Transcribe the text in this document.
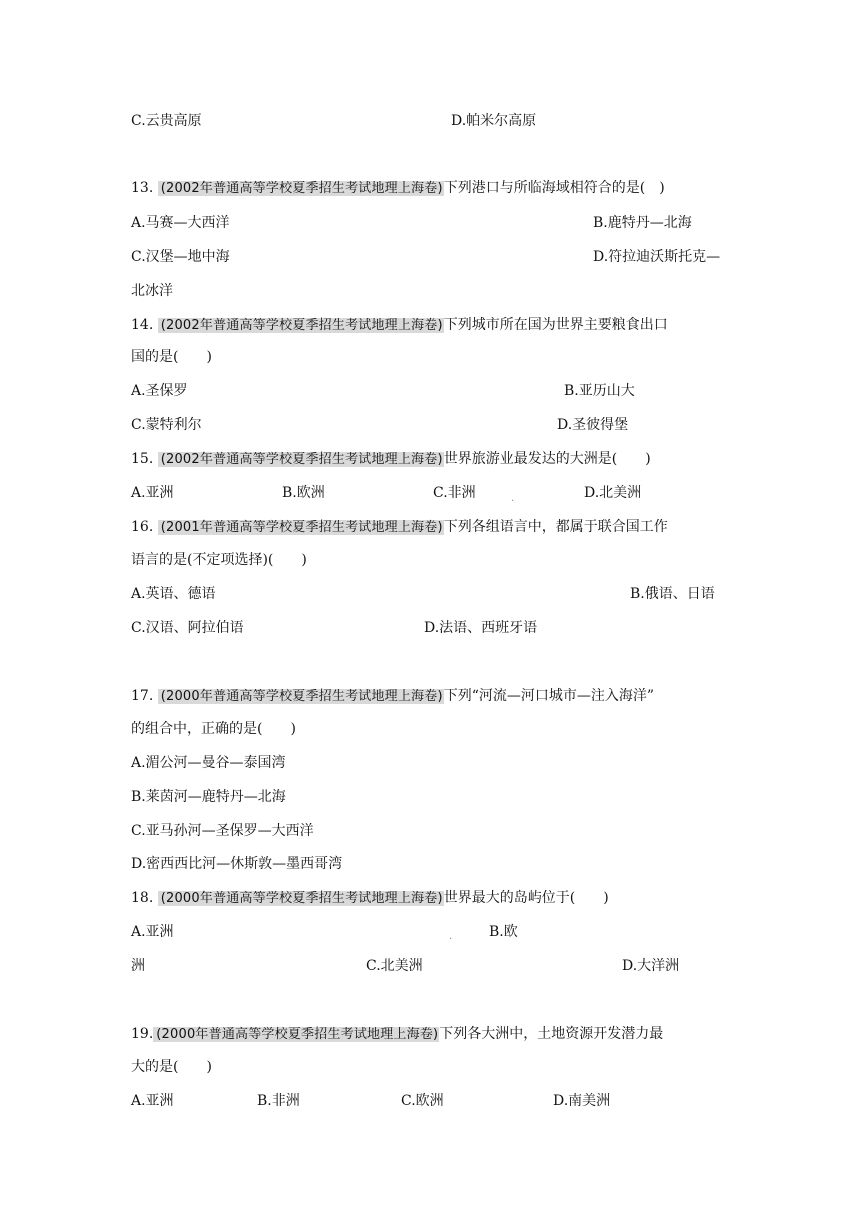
C.云贵高原	D.帕米尔高原
13. (2002年普通高等学校夏季招生考试地理上海卷)下列港口与所临海域相符合的是(　)
A.马赛—大西洋	B.鹿特丹—北海
C.汉堡—地中海	D.符拉迪沃斯托克—
北冰洋
14. (2002年普通高等学校夏季招生考试地理上海卷)下列城市所在国为世界主要粮食出口
国的是(　　)
A.圣保罗	B.亚历山大
C.蒙特利尔	D.圣彼得堡
15. (2002年普通高等学校夏季招生考试地理上海卷)世界旅游业最发达的大洲是(　　)
A.亚洲	B.欧洲	C.非洲	.	D.北美洲
16. (2001年普通高等学校夏季招生考试地理上海卷)下列各组语言中，都属于联合国工作
语言的是(不定项选择)(　　)
A.英语、德语	B.俄语、日语
C.汉语、阿拉伯语	D.法语、西班牙语
17. (2000年普通高等学校夏季招生考试地理上海卷)下列“河流—河口城市—注入海洋”
的组合中，正确的是(　　)
A.湄公河—曼谷—泰国湾
B.莱茵河—鹿特丹—北海
C.亚马孙河—圣保罗—大西洋
D.密西西比河—休斯敦—墨西哥湾
18. (2000年普通高等学校夏季招生考试地理上海卷)世界最大的岛屿位于(　　)
A.亚洲	.	B.欧
洲	C.北美洲	D.大洋洲
19. (2000年普通高等学校夏季招生考试地理上海卷)下列各大洲中，土地资源开发潜力最
大的是(　　)
A.亚洲	B.非洲	C.欧洲	D.南美洲
